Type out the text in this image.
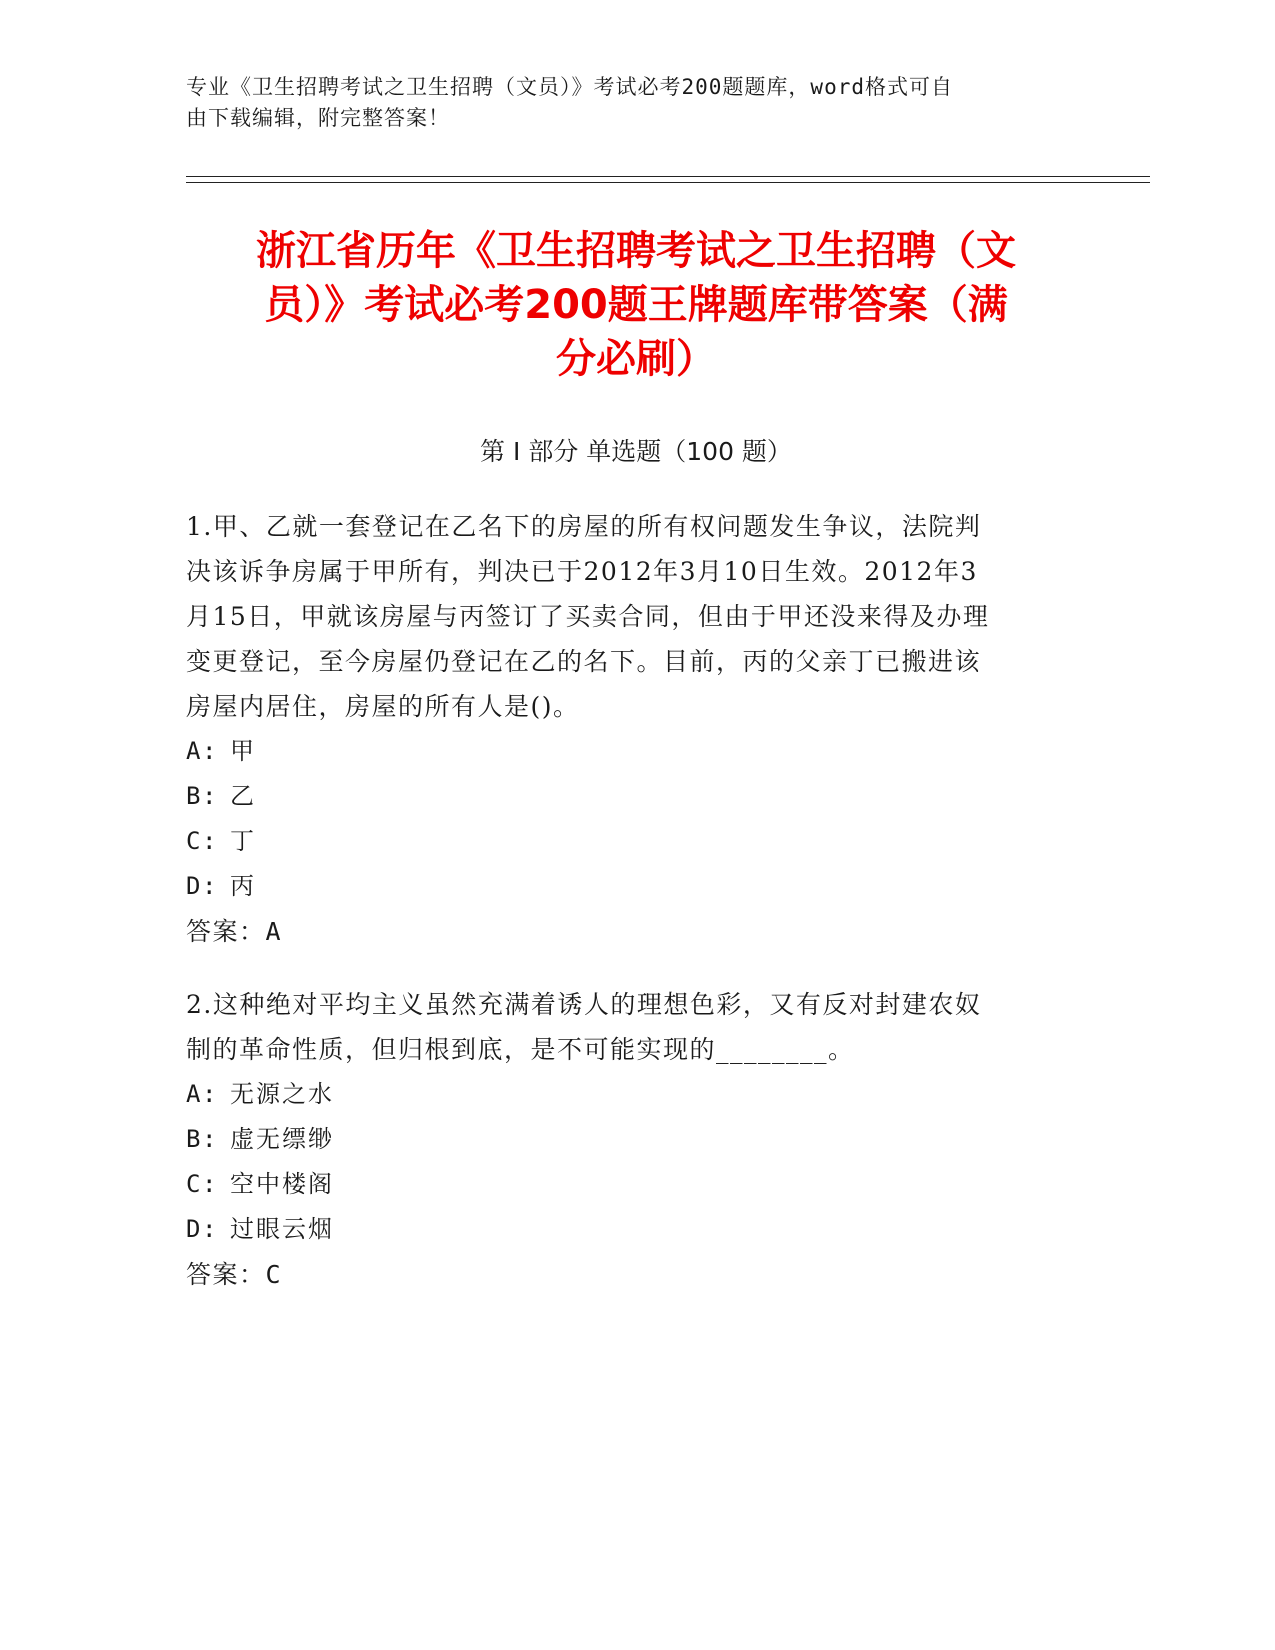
专业《卫生招聘考试之卫生招聘（文员）》考试必考200题题库，word格式可自
由下载编辑，附完整答案！
浙江省历年《卫生招聘考试之卫生招聘（文
员）》考试必考200题王牌题库带答案（满
分必刷）
第 I 部分 单选题（100 题）
1.甲、乙就一套登记在乙名下的房屋的所有权问题发生争议，法院判
决该诉争房属于甲所有，判决已于2012年3月10日生效。2012年3
月15日，甲就该房屋与丙签订了买卖合同，但由于甲还没来得及办理
变更登记，至今房屋仍登记在乙的名下。目前，丙的父亲丁已搬进该
房屋内居住，房屋的所有人是()。
A: 甲
B: 乙
C: 丁
D: 丙
答案：A
2.这种绝对平均主义虽然充满着诱人的理想色彩，又有反对封建农奴
制的革命性质，但归根到底，是不可能实现的________。
A: 无源之水
B: 虚无缥缈
C: 空中楼阁
D: 过眼云烟
答案：C
